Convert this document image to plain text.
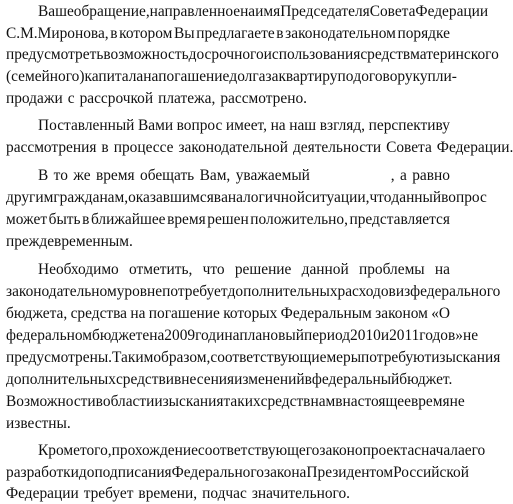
Ваше обращение, направленное на имя Председателя Совета Федерации
С.М.Миронова, в котором Вы предлагаете в законодательном порядке
предусмотреть возможность досрочного использования средств материнского
(семейного) капитала на погашение долга за квартиру по договору купли-
продажи с рассрочкой платежа, рассмотрено.
Поставленный Вами вопрос имеет, на наш взгляд, перспективу
рассмотрения в процессе законодательной деятельности Совета Федерации.
В то же время обещать Вам, уважаемый	, а равно
другим гражданам, оказавшимся в аналогичной ситуации, что данный вопрос
может быть в ближайшее время решен положительно, представляется
преждевременным.
Необходимо отметить, что решение данной проблемы на
законодательном уровне потребует дополнительных расходов из федерального
бюджета, средства на погашение которых Федеральным законом «О
федеральном бюджете на 2009 год и на плановый период 2010 и 2011 годов» не
предусмотрены. Таким образом, соответствующие меры потребуют изыскания
дополнительных средств и внесения изменений в федеральный бюджет.
Возможности в области изыскания таких средств нам в настоящее время не
известны.
Кроме того, прохождение соответствующего законопроекта с начала его
разработки до подписания Федерального закона Президентом Российской
Федерации требует времени, подчас значительного.
